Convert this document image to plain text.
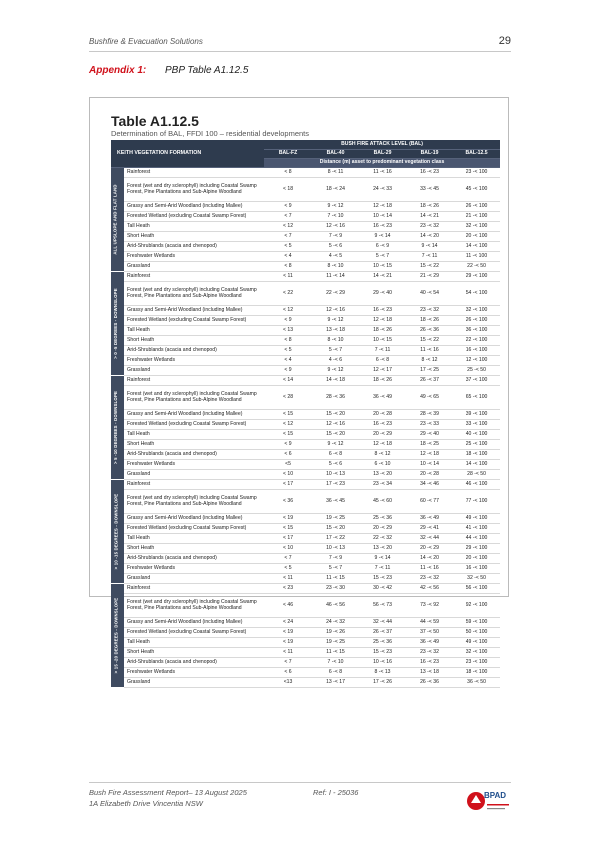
Bushfire & Evacuation Solutions	29
Appendix 1: PBP Table A1.12.5
Table A1.12.5
Determination of BAL, FFDI 100 – residential developments
KEITH VEGETATION FORMATION		BUSH FIRE ATTACK LEVEL (BAL)				
		BAL-FZ	BAL-40	BAL-29	BAL-19	BAL-12.5
		Distance (m) asset to predominant vegetation class				

ALL UPSLOPE AND FLAT LAND	Rainforest	< 8	8 -< 11	11 -< 16	16 -< 23	23 -< 100
	Forest (wet and dry sclerophyll) including Coastal Swamp Forest, Pine Plantations and Sub-Alpine Woodland	< 18	18 -< 24	24 -< 33	33 -< 45	45 -< 100
	Grassy and Semi-Arid Woodland (including Mallee)	< 9	9 -< 12	12 -< 18	18 -< 26	26 -< 100
	Forested Wetland (excluding Coastal Swamp Forest)	< 7	7 -< 10	10 -< 14	14 -< 21	21 -< 100
	Tall Heath	< 12	12 -< 16	16 -< 23	23 -< 32	32 -< 100
	Short Heath	< 7	7 -< 9	9 -< 14	14 -< 20	20 -< 100
	Arid-Shrublands (acacia and chenopod)	< 5	5 -< 6	6 -< 9	9 -< 14	14 -< 100
	Freshwater Wetlands	< 4	4 -< 5	5 -< 7	7 -< 11	11 -< 100
	Grassland	< 8	8 -< 10	10 -< 15	15 -< 22	22 -< 50

> 0 -5 DEGREES - DOWNSLOPE	Rainforest	< 11	11 -< 14	14 -< 21	21 -< 29	29 -< 100
	Forest (wet and dry sclerophyll) including Coastal Swamp Forest, Pine Plantations and Sub-Alpine Woodland	< 22	22 -< 29	29 -< 40	40 -< 54	54 -< 100
	Grassy and Semi-Arid Woodland (including Mallee)	< 12	12 -< 16	16 -< 23	23 -< 32	32 -< 100
	Forested Wetland (excluding Coastal Swamp Forest)	< 9	9 -< 12	12 -< 18	18 -< 26	26 -< 100
	Tall Heath	< 13	13 -< 18	18 -< 26	26 -< 36	36 -< 100
	Short Heath	< 8	8 -< 10	10 -< 15	15 -< 22	22 -< 100
	Arid-Shrublands (acacia and chenopod)	< 5	5 -< 7	7 -< 11	11 -< 16	16 -< 100
	Freshwater Wetlands	< 4	4 -< 6	6 -< 8	8 -< 12	12 -< 100
	Grassland	< 9	9 -< 12	12 -< 17	17 -< 25	25 -< 50

> 5 -10 DEGREES - DOWNSLOPE	Rainforest	< 14	14 -< 18	18 -< 26	26 -< 37	37 -< 100
	Forest (wet and dry sclerophyll) including Coastal Swamp Forest, Pine Plantations and Sub-Alpine Woodland	< 28	28 -< 36	36 -< 49	49 -< 65	65 -< 100
	Grassy and Semi-Arid Woodland (including Mallee)	< 15	15 -< 20	20 -< 28	28 -< 39	39 -< 100
	Forested Wetland (excluding Coastal Swamp Forest)	< 12	12 -< 16	16 -< 23	23 -< 33	33 -< 100
	Tall Heath	< 15	15 -< 20	20 -< 29	29 -< 40	40 -< 100
	Short Heath	< 9	9 -< 12	12 -< 18	18 -< 25	25 -< 100
	Arid-Shrublands (acacia and chenopod)	< 6	6 -< 8	8 -< 12	12 -< 18	18 -< 100
	Freshwater Wetlands	<5	5 -< 6	6 -< 10	10 -< 14	14 -< 100
	Grassland	< 10	10 -< 13	13 -< 20	20 -< 28	28 -< 50

> 10 -15 DEGREES - DOWNSLOPE	Rainforest	< 17	17 -< 23	23 -< 34	34 -< 46	46 -< 100
	Forest (wet and dry sclerophyll) including Coastal Swamp Forest, Pine Plantations and Sub-Alpine Woodland	< 36	36 -< 45	45 -< 60	60 -< 77	77 -< 100
	Grassy and Semi-Arid Woodland (including Mallee)	< 19	19 -< 25	25 -< 36	36 -< 49	49 -< 100
	Forested Wetland (excluding Coastal Swamp Forest)	< 15	15 -< 20	20 -< 29	29 -< 41	41 -< 100
	Tall Heath	< 17	17 -< 22	22 -< 32	32 -< 44	44 -< 100
	Short Heath	< 10	10 -< 13	13 -< 20	20 -< 29	29 -< 100
	Arid-Shrublands (acacia and chenopod)	< 7	7 -< 9	9 -< 14	14 -< 20	20 -< 100
	Freshwater Wetlands	< 5	5 -< 7	7 -< 11	11 -< 16	16 -< 100
	Grassland	< 11	11 -< 15	15 -< 23	23 -< 32	32 -< 50

> 15 -20 DEGREES - DOWNSLOPE	Rainforest	< 23	23 -< 30	30 -< 42	42 -< 56	56 -< 100
	Forest (wet and dry sclerophyll) including Coastal Swamp Forest, Pine Plantations and Sub-Alpine Woodland	< 46	46 -< 56	56 -< 73	73 -< 92	92 -< 100
	Grassy and Semi-Arid Woodland (including Mallee)	< 24	24 -< 32	32 -< 44	44 -< 59	59 -< 100
	Forested Wetland (excluding Coastal Swamp Forest)	< 19	19 -< 26	26 -< 37	37 -< 50	50 -< 100
	Tall Heath	< 19	19 -< 25	25 -< 36	36 -< 49	49 -< 100
	Short Heath	< 11	11 -< 15	15 -< 23	23 -< 32	32 -< 100
	Arid-Shrublands (acacia and chenopod)	< 7	7 -< 10	10 -< 16	16 -< 23	23 -< 100
	Freshwater Wetlands	< 6	6 -< 8	8 -< 13	13 -< 18	18 -< 100
	Grassland	<13	13 -< 17	17 -< 26	26 -< 36	36 -< 50
Bush Fire Assessment Report– 13 August 2025
1A Elizabeth Drive Vincentia NSW
Ref: I - 25036	BPAD
